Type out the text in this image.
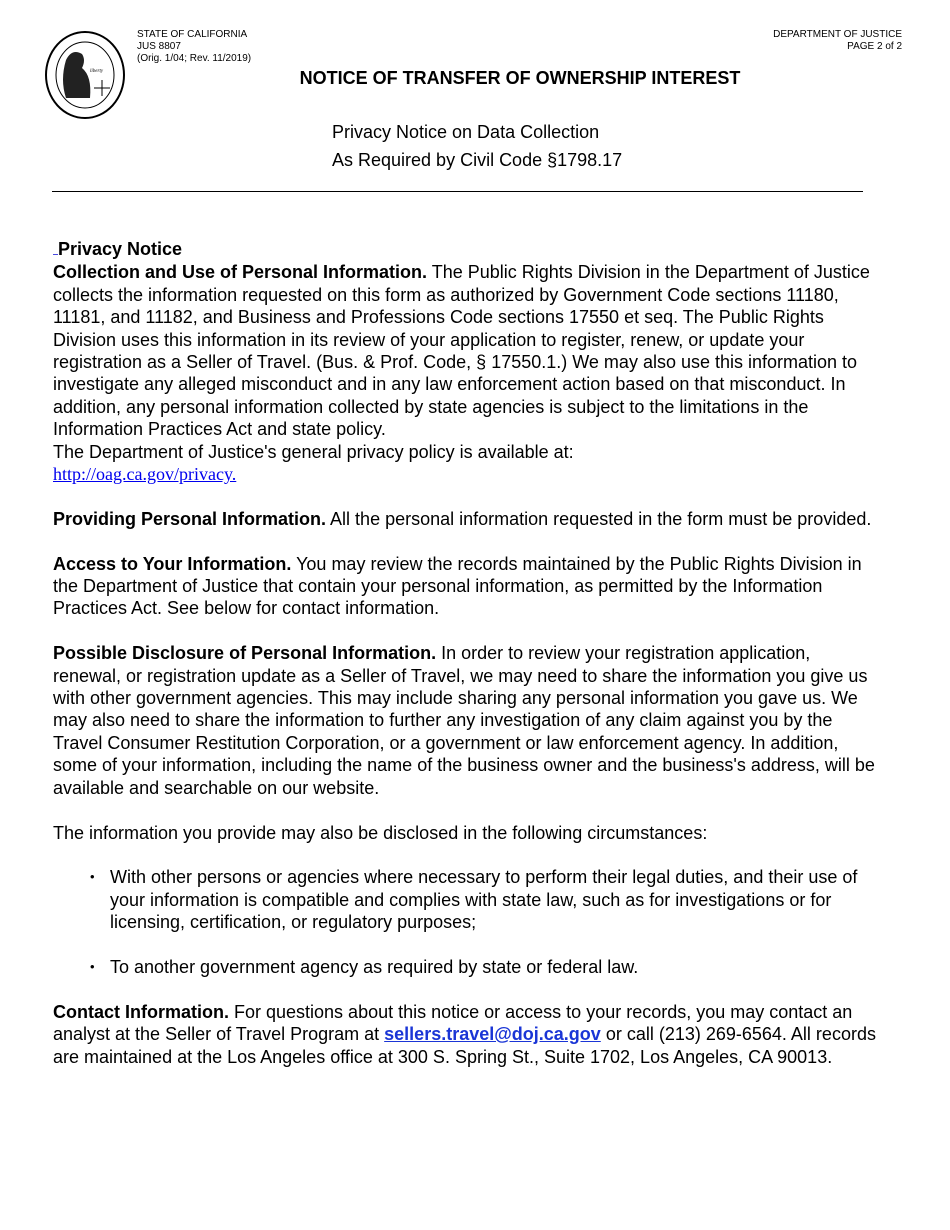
liberty
STATE OF CALIFORNIA
JUS 8807
(Orig. 1/04; Rev. 11/2019)
DEPARTMENT OF JUSTICE
PAGE 2 of 2
NOTICE OF TRANSFER OF OWNERSHIP INTEREST
Privacy Notice on Data Collection
As Required by Civil Code §1798.17

Privacy Notice

Collection and Use of Personal Information. The Public Rights Division in the Department of Justice collects the information requested on this form as authorized by Government Code sections 11180, 11181, and 11182, and Business and Professions Code sections 17550 et seq. The Public Rights Division uses this information in its review of your application to register, renew, or update your registration as a Seller of Travel. (Bus. & Prof. Code, § 17550.1.) We may also use this information to investigate any alleged misconduct and in any law enforcement action based on that misconduct. In addition, any personal information collected by state agencies is subject to the limitations in the Information Practices Act and state policy.
The Department of Justice's general privacy policy is available at:
http://oag.ca.gov/privacy.

Providing Personal Information. All the personal information requested in the form must be provided.

Access to Your Information. You may review the records maintained by the Public Rights Division in the Department of Justice that contain your personal information, as permitted by the Information Practices Act. See below for contact information.

Possible Disclosure of Personal Information. In order to review your registration application, renewal, or registration update as a Seller of Travel, we may need to share the information you give us with other government agencies. This may include sharing any personal information you gave us. We may also need to share the information to further any investigation of any claim against you by the Travel Consumer Restitution Corporation, or a government or law enforcement agency. In addition, some of your information, including the name of the business owner and the business's address, will be available and searchable on our website.

The information you provide may also be disclosed in the following circumstances:

• With other persons or agencies where necessary to perform their legal duties, and their use of your information is compatible and complies with state law, such as for investigations or for licensing, certification, or regulatory purposes;
• To another government agency as required by state or federal law.

Contact Information. For questions about this notice or access to your records, you may contact an analyst at the Seller of Travel Program at sellers.travel@doj.ca.gov or call (213) 269-6564. All records are maintained at the Los Angeles office at 300 S. Spring St., Suite 1702, Los Angeles, CA 90013.
